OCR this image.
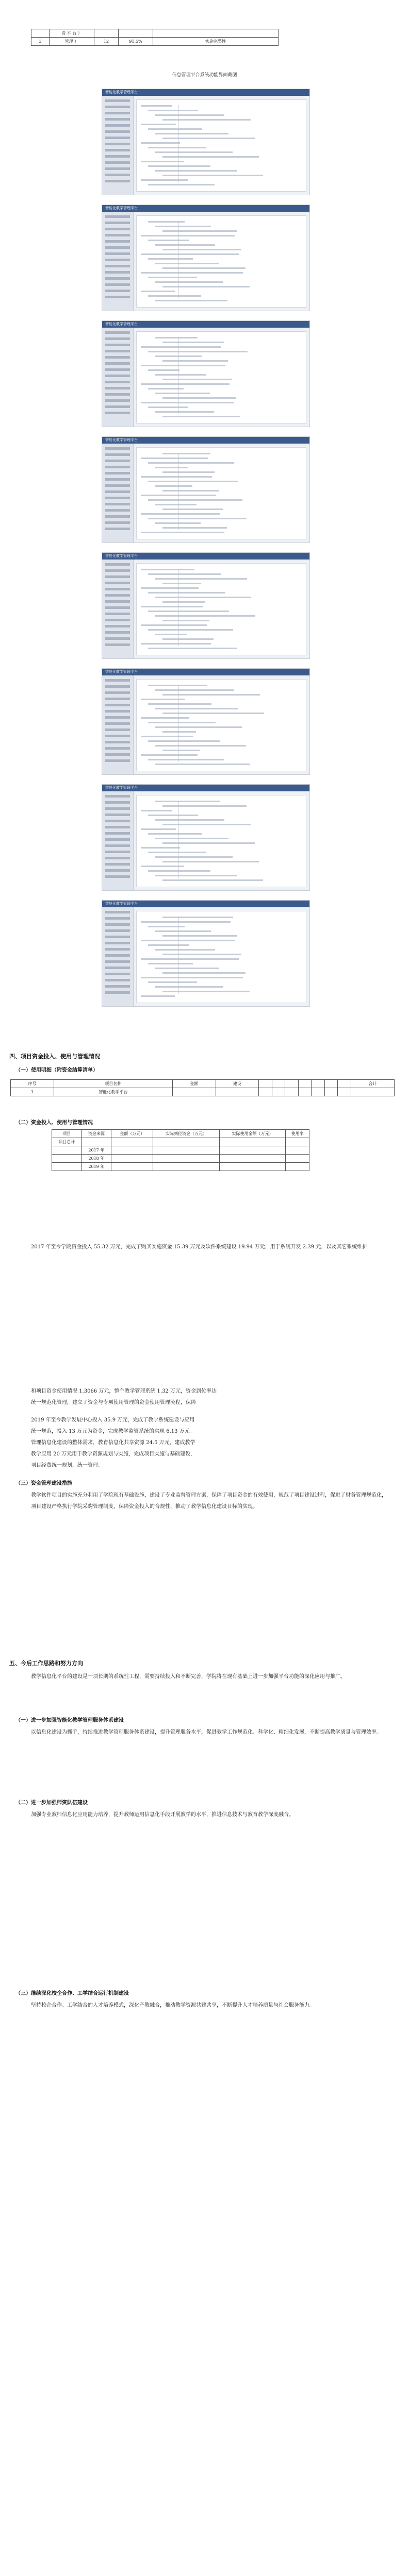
	资 平 台 ）			
3	管理 ）	12	91.5%	实施完整性
信息管理平台系统功能界面截图
智能化教学管理平台
智能化教学管理平台
智能化教学管理平台
智能化教学管理平台
智能化教学管理平台
智能化教学管理平台
智能化教学管理平台
智能化教学管理平台
四、项目资金投入、使用与管理情况
（一）使用明细（附资金结算清单）
序号	项目名称	金额	建设								合计
1	智能化教学平台										
（二）资金投入、使用与管理情况
项目	资金来源	金额（万元）	实际到位资金（万元）	实际使用金额（万元）	使用率
项目总计					
	2017 年				
	2018 年				
	2019 年				
2017 年至今学院资金投入 55.32 万元，完成了购买实施资金 15.39 万元及软件系统建设 19.94 万元，用于系统开发 2.39 元，以及其它系统维护
和项目资金使用情况 1.3066 万元，整个教学管理系统 1.32 万元，资金到位率达
统一规范化管理，建立了资金与专项使用管理的资金使用管理流程，保障
2019 年至今教学发展中心投入 35.9 万元，完成了教学系统建设与应用
统一规范，投入 13 万元为资金，完成教学监管系统的实现 6.13 万元。
管理信息化建设的整体需求，教育信息化共享资源 24.5 万元，建成教学
教学应用 20 万元用于教学资源规划与实施，完成项目实施与基础建设，
项目经费统一规划，统一管理。
（三）资金管理建设措施
教学软件项目的实施充分利用了学院现有基础设施，建设了专业监督管理方案，保障了项目资金的有效使用，规范了项目建设过程，促进了财务管理规范化，项目建设严格执行学院采购管理制度，保障资金投入的合规性，推动了教学信息化建设目标的实现。
五、今后工作思路和努力方向
教学信息化平台的建设是一项长期的系统性工程，需要持续投入和不断完善，学院将在现有基础上进一步加强平台功能的深化应用与推广。
（一）进一步加强智能化教学管理服务体系建设
以信息化建设为抓手，持续推进教学管理服务体系建设，提升管理服务水平，促进教学工作规范化、科学化、精细化发展，不断提高教学质量与管理效率。
（二）进一步加强师资队伍建设
加强专业教师信息化应用能力培养，提升教师运用信息化手段开展教学的水平，推进信息技术与教育教学深度融合。
（三）继续深化校企合作、工学结合运行机制建设
坚持校企合作、工学结合的人才培养模式，深化产教融合，推动教学资源共建共享，不断提升人才培养质量与社会服务能力。
